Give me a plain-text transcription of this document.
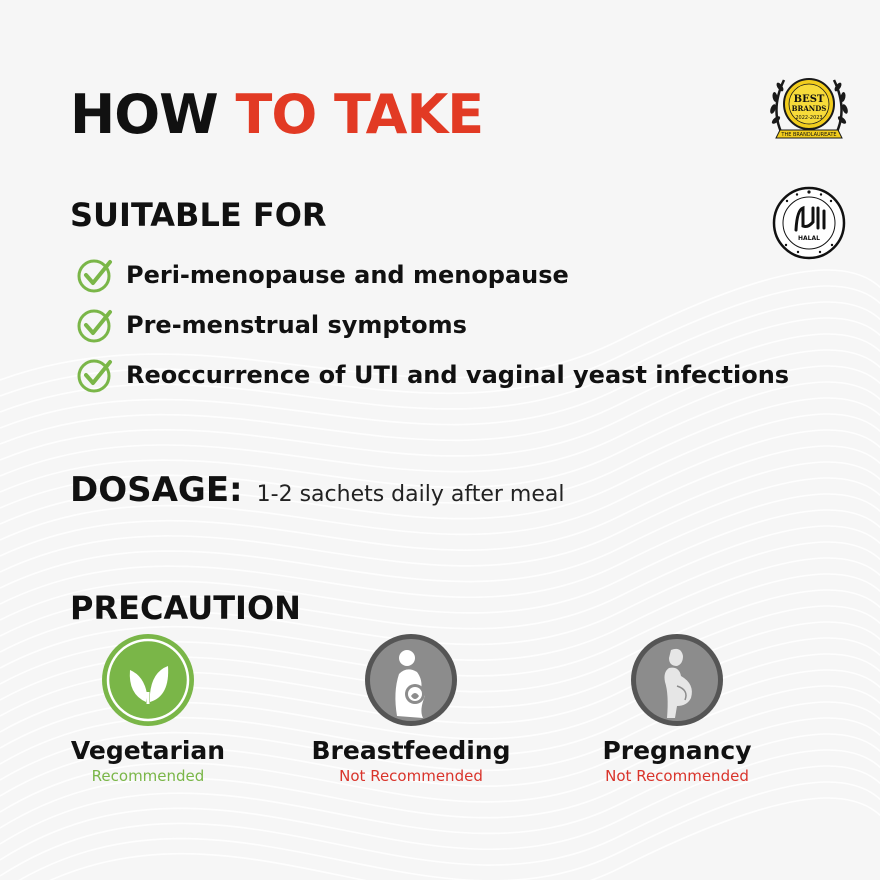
HOW TO TAKE	BEST
BRANDS
2022-2023
THE BRANDLAUREATE
HALAL
SUITABLE FOR
Peri-menopause and menopause
Pre-menstrual symptoms
Reoccurrence of UTI and vaginal yeast infections
DOSAGE: 1-2 sachets daily after meal
PRECAUTION
Vegetarian
Recommended
Breastfeeding
Not Recommended
Pregnancy
Not Recommended
